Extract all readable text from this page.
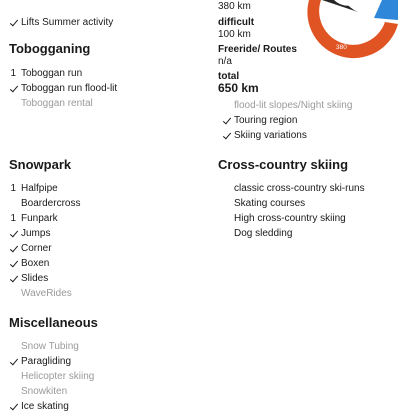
Lifts Summer activity
380 km
difficult
100 km
Freeride/ Routes
n/a
total
650 km
380
Tobogganing
1 Toboggan run
Toboggan run flood-lit
Toboggan rental	flood-lit slopes/Night skiing
Touring region
Skiing variations
Snowpark
1 Halfpipe
Boardercross
1 Funpark
Jumps
Corner
Boxen
Slides
WaveRides
Cross-country skiing
classic cross-country ski-runs
Skating courses
High cross-country skiing
Dog sledding
Miscellaneous
Snow Tubing
Paragliding
Helicopter skiing
Snowkiten
Ice skating
